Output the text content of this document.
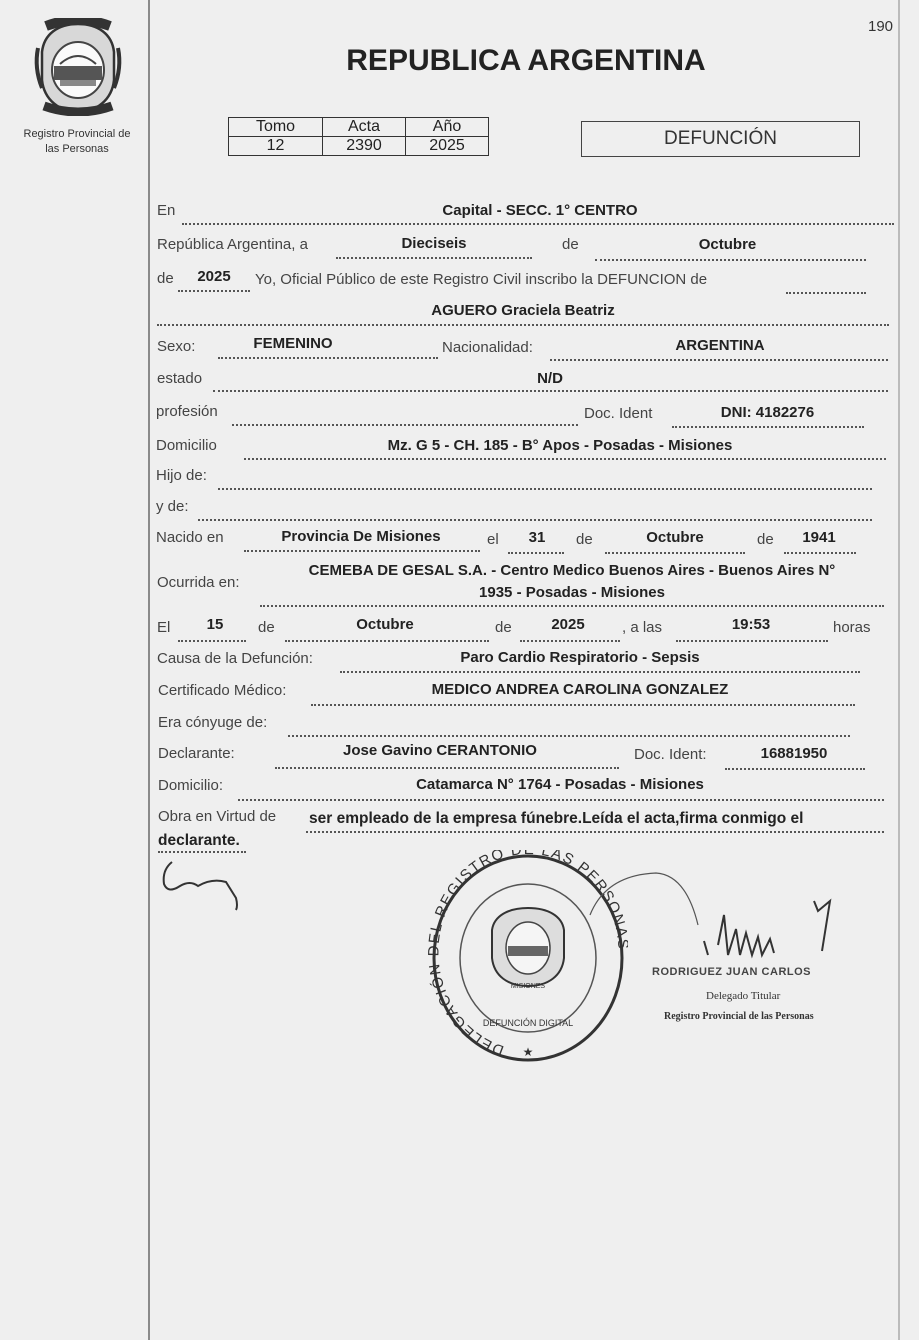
190
Registro Provincial de
las Personas
REPUBLICA ARGENTINA
Tomo	Acta	Año
12	2390	2025	DEFUNCIÓN
En	Capital - SECC. 1° CENTRO
República Argentina, a	Dieciseis	de	Octubre
de	2025	Yo, Oficial Público de este Registro Civil inscribo la DEFUNCION de
AGUERO Graciela Beatriz
Sexo:	FEMENINO	Nacionalidad:	ARGENTINA
estado	N/D
profesión	Doc. Ident	DNI: 4182276
Domicilio	Mz. G 5 - CH. 185 - B° Apos - Posadas - Misiones
Hijo de:
y de:
Nacido en	Provincia De Misiones	el	31	de	Octubre	de	1941
Ocurrida en:
CEMEBA DE GESAL S.A. - Centro Medico Buenos Aires - Buenos Aires N°
1935 - Posadas - Misiones
El	15	de	Octubre	de	2025	, a las	19:53	horas
Causa de la Defunción:	Paro Cardio Respiratorio - Sepsis
Certificado Médico:	MEDICO ANDREA CAROLINA GONZALEZ
Era cónyuge de:
Declarante:	Jose Gavino CERANTONIO	Doc. Ident:	16881950
Domicilio:	Catamarca N° 1764 - Posadas - Misiones
Obra en Virtud de ser empleado de la empresa fúnebre.Leída el acta,firma conmigo el
declarante.
MISIONES
DELEGACIÓ L REGISTRO D LAS PERSON
DEFUNCIÓN DIGITAL
★
RODRIGUEZ JUAN CARLOS
Delegado Titular
Registro Provincial de las Personas
